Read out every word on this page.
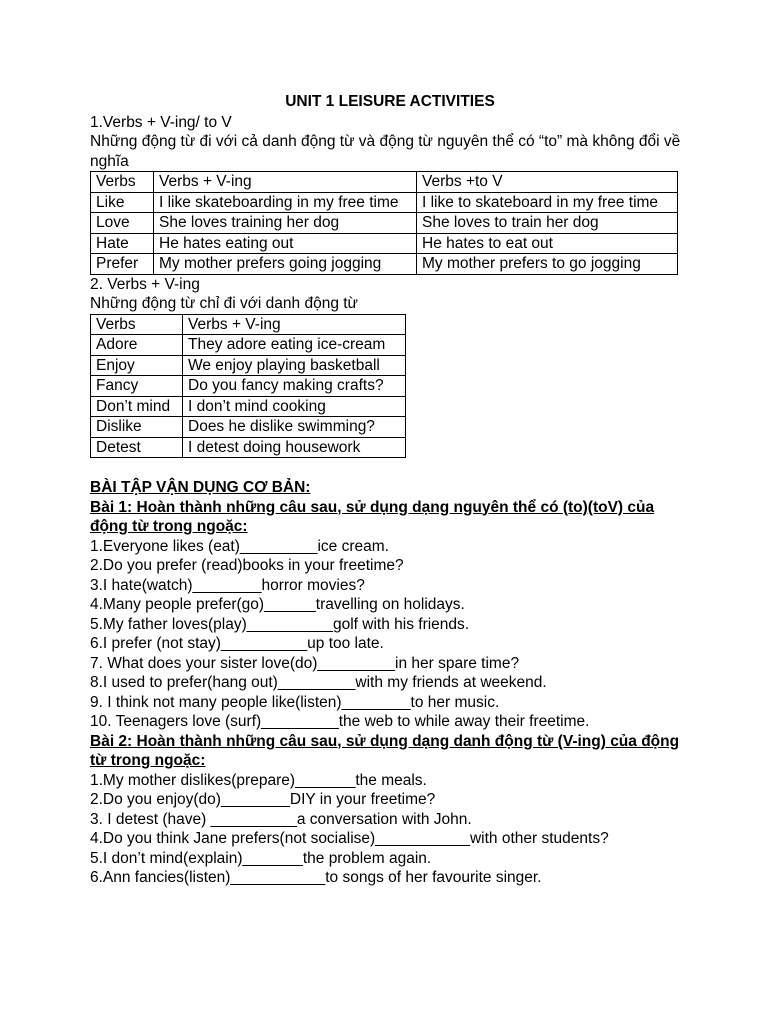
UNIT 1 LEISURE ACTIVITIES

1.Verbs + V-ing/ to V

Những động từ đi với cả danh động từ và động từ nguyên thể có “to” mà không đổi về nghĩa

Verbs	Verbs + V-ing	Verbs +to V
Like	I like skateboarding in my free time	I like to skateboard in my free time
Love	She loves training her dog	She loves to train her dog
Hate	He hates eating out	He hates to eat out
Prefer	My mother prefers going jogging	My mother prefers to go jogging

2. Verbs + V-ing

Những động từ chỉ đi với danh động từ

Verbs	Verbs + V-ing
Adore	They adore eating ice-cream
Enjoy	We enjoy playing basketball
Fancy	Do you fancy making crafts?
Don’t mind	I don’t mind cooking
Dislike	Does he dislike swimming?
Detest	I detest doing housework

BÀI TẬP VẬN DỤNG CƠ BẢN:

Bài 1: Hoàn thành những câu sau, sử dụng dạng nguyên thể có (to)(toV) của động từ trong ngoặc:

1.Everyone likes (eat)_________ice cream.

2.Do you prefer (read)books in your freetime?

3.I hate(watch)________horror movies?

4.Many people prefer(go)______travelling on holidays.

5.My father loves(play)__________golf with his friends.

6.I prefer (not stay)__________up too late.

7. What does your sister love(do)_________in her spare time?

8.I used to prefer(hang out)_________with my friends at weekend.

9. I think not many people like(listen)________to her music.

10. Teenagers love (surf)_________the web to while away their freetime.

Bài 2: Hoàn thành những câu sau, sử dụng dạng danh động từ (V-ing) của động từ trong ngoặc:

1.My mother dislikes(prepare)_______the meals.

2.Do you enjoy(do)________DIY in your freetime?

3. I detest (have) __________a conversation with John.

4.Do you think Jane prefers(not socialise)___________with other students?

5.I don’t mind(explain)_______the problem again.

6.Ann fancies(listen)___________to songs of her favourite singer.
